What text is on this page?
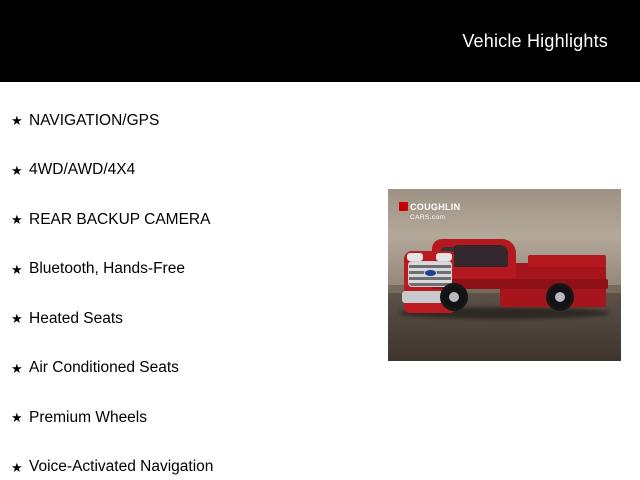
Vehicle Highlights
★ NAVIGATION/GPS
★ 4WD/AWD/4X4
★ REAR BACKUP CAMERA
★ Bluetooth, Hands-Free
★ Heated Seats
★ Air Conditioned Seats
★ Premium Wheels
★ Voice-Activated Navigation
COUGHLIN
CARS.com
